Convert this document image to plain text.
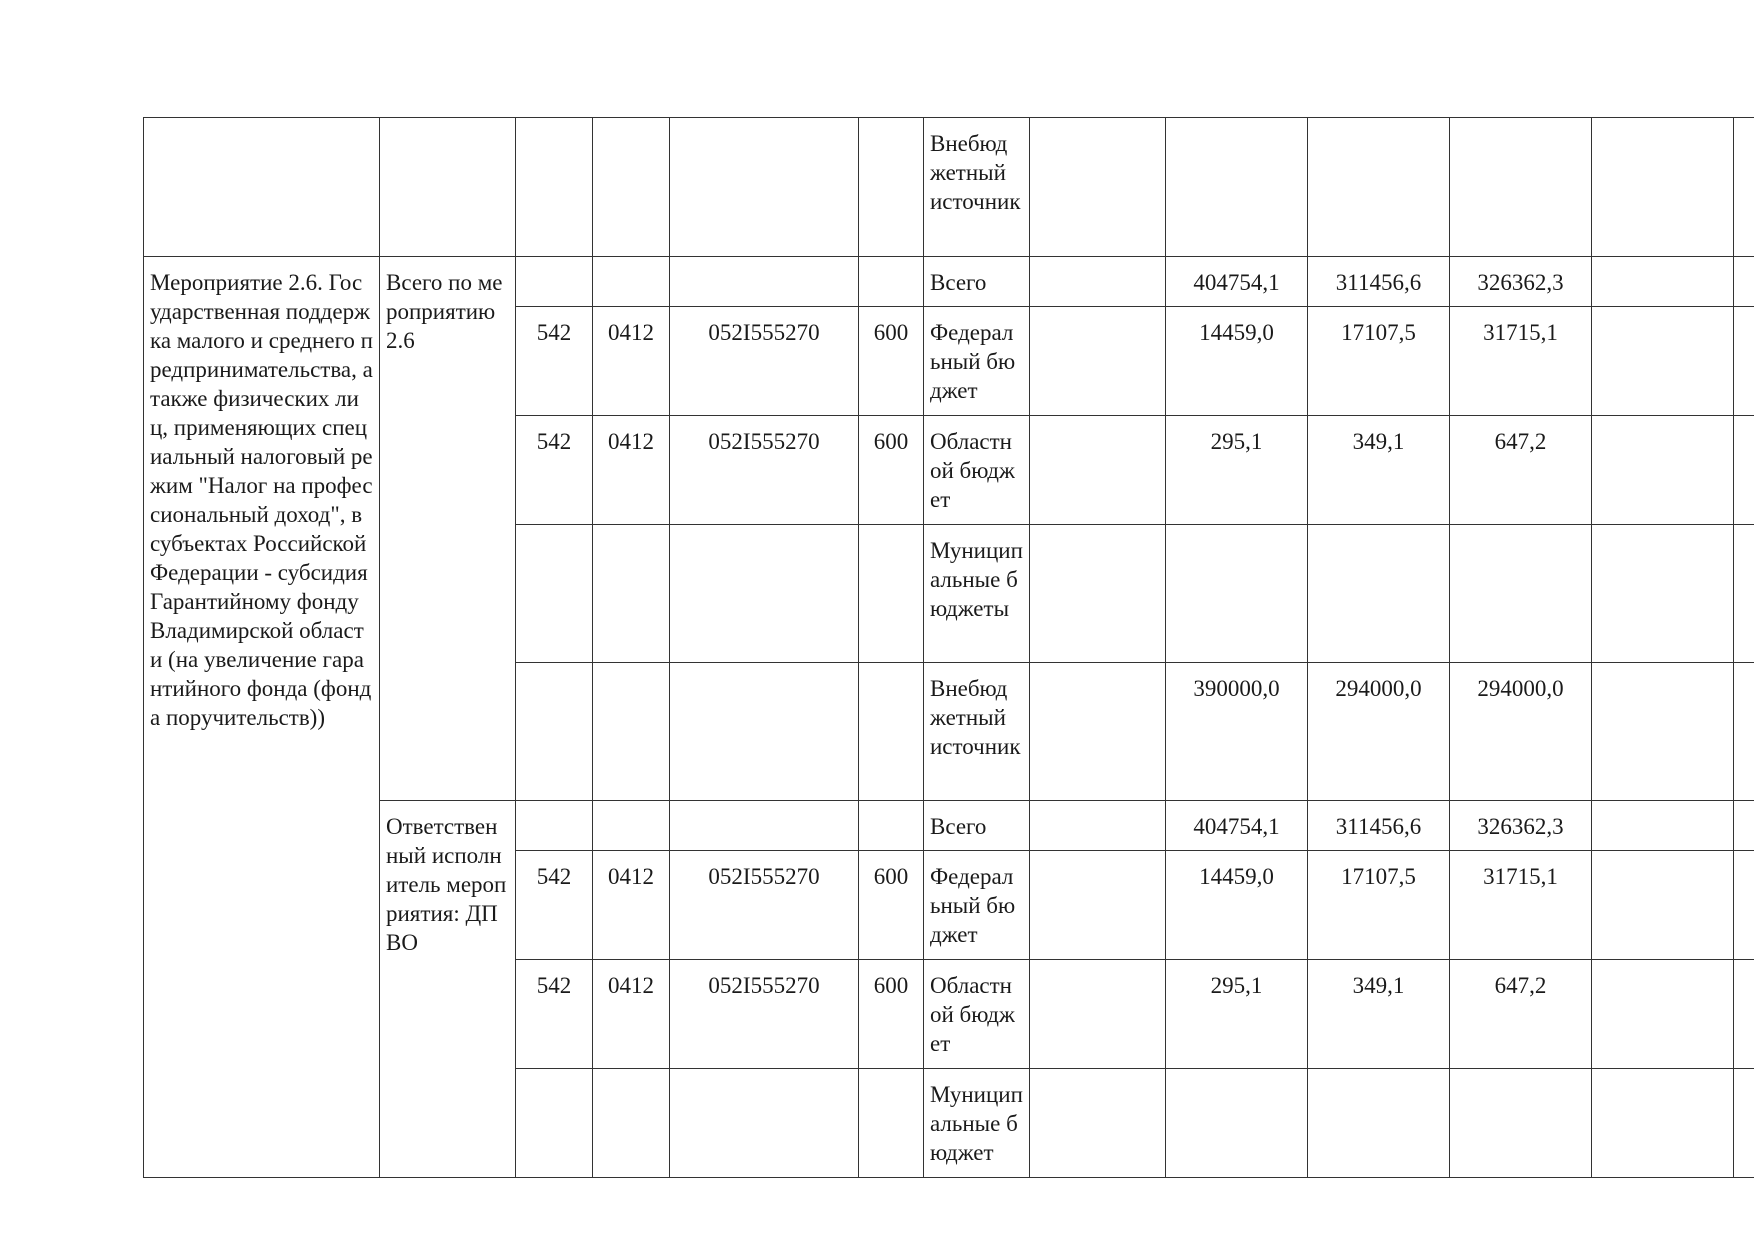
						Внебюджетный источник						
Мероприятие 2.6. Государственная поддержка малого и среднего предпринимательства, а также физических лиц, применяющих специальный налоговый режим "Налог на профессиональный доход", в субъектах Российской Федерации - субсидия Гарантийному фонду Владимирской области (на увеличение гарантийного фонда (фонда поручительств))	Всего по мероприятию 2.6					Всего		404754,1	311456,6	326362,3		
		542	0412	052I555270	600	Федеральный бюджет		14459,0	17107,5	31715,1		
		542	0412	052I555270	600	Областной бюджет		295,1	349,1	647,2		
						Муниципальные бюджеты						
						Внебюджетный источник		390000,0	294000,0	294000,0		
	Ответственный исполнитель мероприятия: ДП ВО					Всего		404754,1	311456,6	326362,3		
		542	0412	052I555270	600	Федеральный бюджет		14459,0	17107,5	31715,1		
		542	0412	052I555270	600	Областной бюджет		295,1	349,1	647,2		
						Муниципальные бюджет						
